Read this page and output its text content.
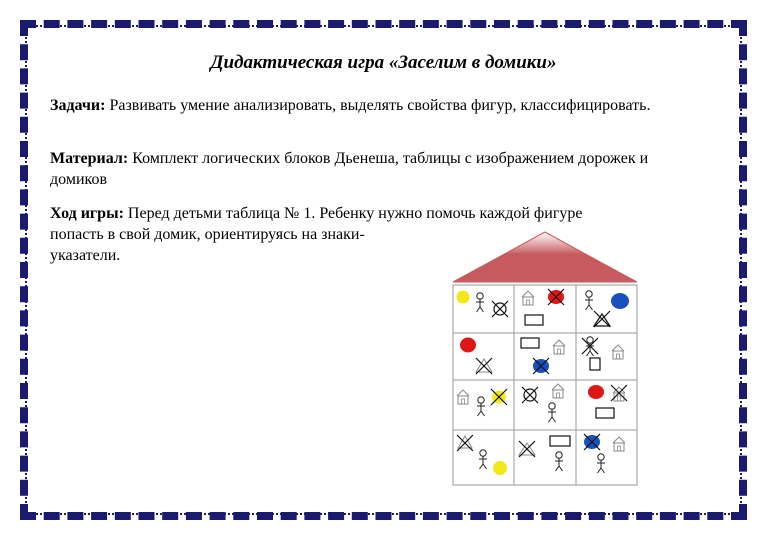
Дидактическая игра «Заселим в домики»
Задачи: Развивать умение анализировать, выделять свойства фигур, классифицировать.
Материал: Комплект логических блоков Дьенеша, таблицы с изображением дорожек и домиков
Ход игры: Перед детьми таблица № 1. Ребенку нужно помочь каждой фигуре
попасть в свой домик, ориентируясь на знаки-
указатели.
